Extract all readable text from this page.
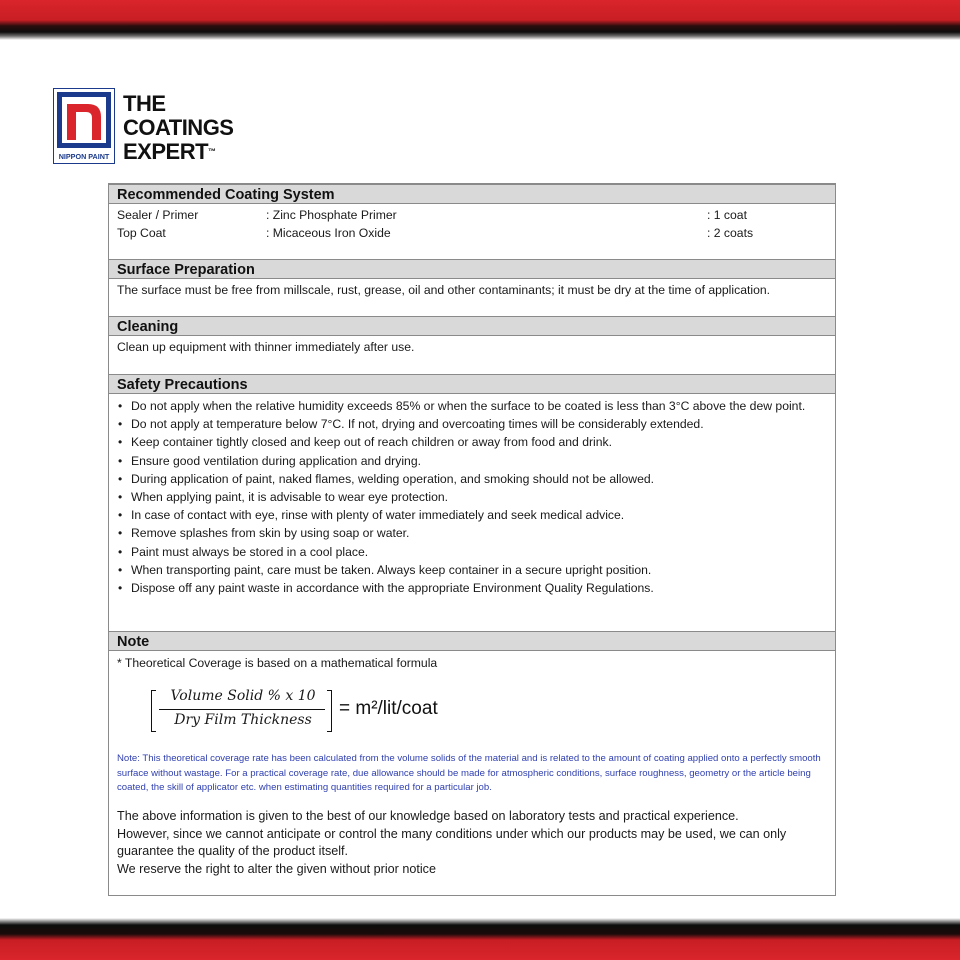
NIPPON PAINT
THE
COATINGS
EXPERT™
Recommended Coating System
Sealer / Primer	: Zinc Phosphate Primer	: 1 coat
Top Coat	: Micaceous Iron Oxide	: 2 coats
Surface Preparation
The surface must be free from millscale, rust, grease, oil and other contaminants; it must be dry at the time of application.
Cleaning
Clean up equipment with thinner immediately after use.
Safety Precautions
• Do not apply when the relative humidity exceeds 85% or when the surface to be coated is less than 3°C above the dew point.
• Do not apply at temperature below 7°C. If not, drying and overcoating times will be considerably extended.
• Keep container tightly closed and keep out of reach children or away from food and drink.
• Ensure good ventilation during application and drying.
• During application of paint, naked flames, welding operation, and smoking should not be allowed.
• When applying paint, it is advisable to wear eye protection.
• In case of contact with eye, rinse with plenty of water immediately and seek medical advice.
• Remove splashes from skin by using soap or water.
• Paint must always be stored in a cool place.
• When transporting paint, care must be taken. Always keep container in a secure upright position.
• Dispose off any paint waste in accordance with the appropriate Environment Quality Regulations.
Note
* Theoretical Coverage is based on a mathematical formula
Volume Solid % x 10
Dry Film Thickness
= m²/lit/coat
Note: This theoretical coverage rate has been calculated from the volume solids of the material and is related to the amount of coating applied onto a perfectly smooth surface without wastage. For a practical coverage rate, due allowance should be made for atmospheric conditions, surface roughness, geometry or the article being coated, the skill of applicator etc. when estimating quantities required for a particular job.
The above information is given to the best of our knowledge based on laboratory tests and practical experience.
However, since we cannot anticipate or control the many conditions under which our products may be used, we can only guarantee the quality of the product itself.
We reserve the right to alter the given without prior notice
